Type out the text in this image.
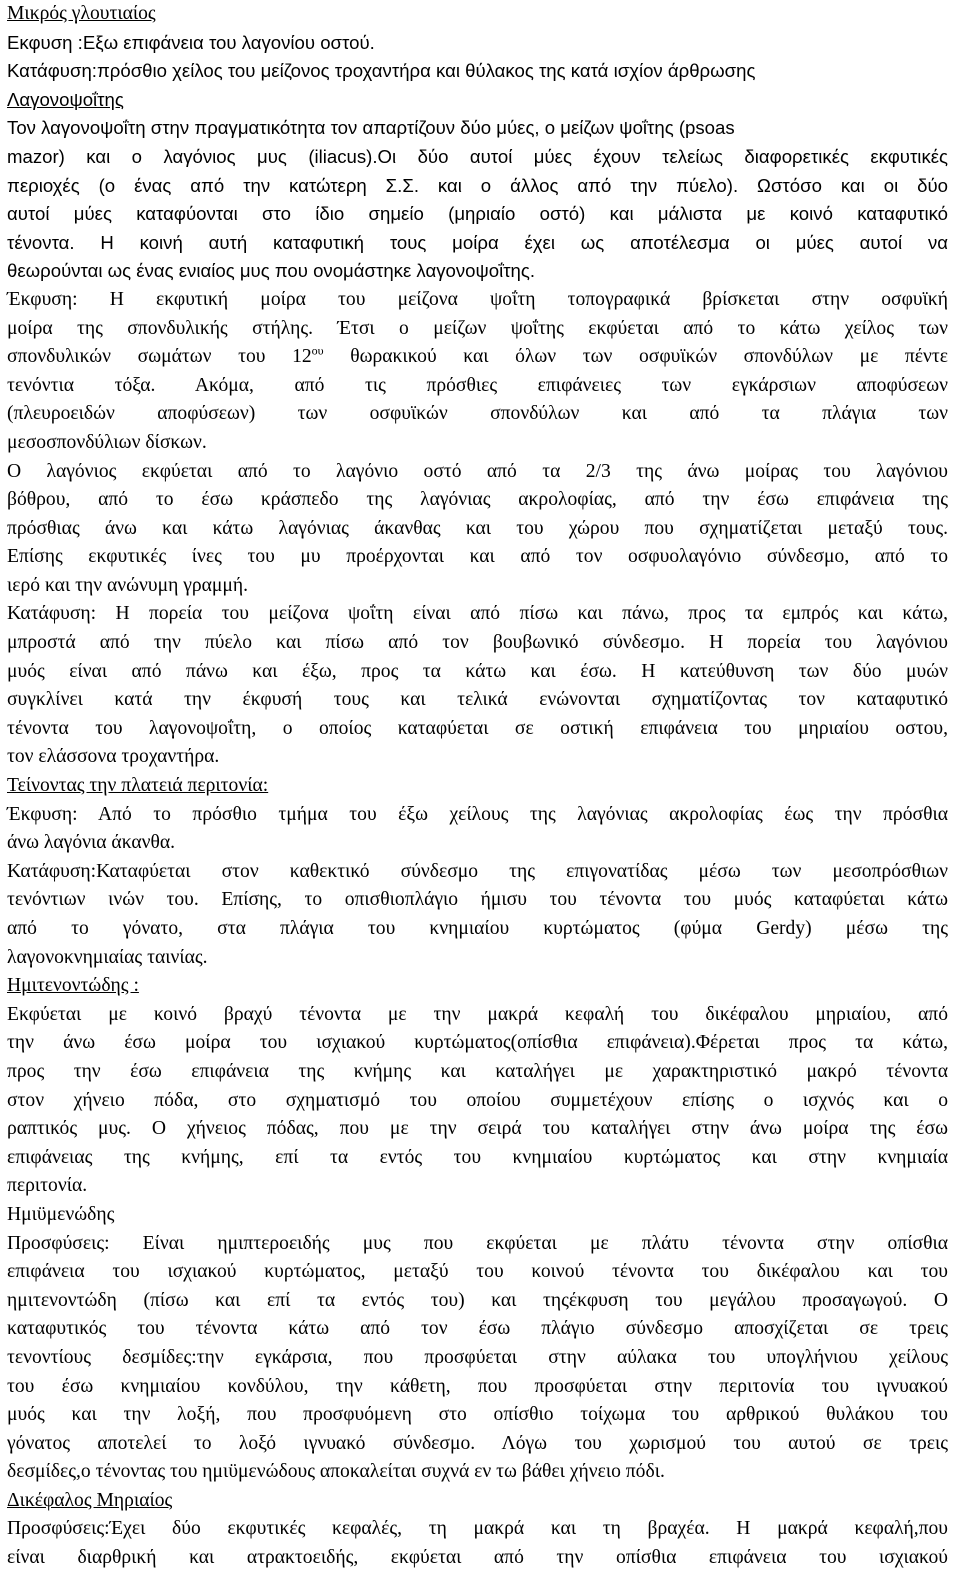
Μικρός γλουτιαίος
Εκφυση :Εξω επιφάνεια του λαγονίου οστού.
Κατάφυση:πρόσθιο χείλος του μείζονος τροχαντήρα και θύλακος της κατά ισχίον άρθρωσης
Λαγονοψοΐτης
Τον λαγονοψοΐτη στην πραγματικότητα τον απαρτίζουν δύο μύες, ο μείζων ψοΐτης (psoas
mazor) και ο λαγόνιος μυς (iliacus).Οι δύο αυτοί μύες έχουν τελείως διαφορετικές εκφυτικές
περιοχές (ο ένας από την κατώτερη Σ.Σ. και ο άλλος από την πύελο). Ωστόσο και οι δύο
αυτοί μύες καταφύονται στο ίδιο σημείο (μηριαίο οστό) και μάλιστα με κοινό καταφυτικό
τένοντα. Η κοινή αυτή καταφυτική τους μοίρα έχει ως αποτέλεσμα οι μύες αυτοί να
θεωρούνται ως ένας ενιαίος μυς που ονομάστηκε λαγονοψοΐτης.
Έκφυση: Η εκφυτική μοίρα του μείζονα ψοΐτη τοπογραφικά βρίσκεται στην οσφυϊκή
μοίρα της σπονδυλικής στήλης. Έτσι ο μείζων ψοΐτης εκφύεται από το κάτω χείλος των
σπονδυλικών σωμάτων του $12^{o\upsilon}$ θωρακικού και όλων των οσφυϊκών σπονδύλων με πέντε
τενόντια τόξα. Ακόμα, από τις πρόσθιες επιφάνειες των εγκάρσιων αποφύσεων
(πλευροειδών αποφύσεων) των οσφυϊκών σπονδύλων και από τα πλάγια των
μεσοσπονδύλιων δίσκων.
Ο λαγόνιος εκφύεται από το λαγόνιο οστό από τα 2/3 της άνω μοίρας του λαγόνιου
βόθρου, από το έσω κράσπεδο της λαγόνιας ακρολοφίας, από την έσω επιφάνεια της
πρόσθιας άνω και κάτω λαγόνιας άκανθας και του χώρου που σχηματίζεται μεταξύ τους.
Επίσης εκφυτικές ίνες του μυ προέρχονται και από τον οσφυολαγόνιο σύνδεσμο, από το
ιερό και την ανώνυμη γραμμή.
Κατάφυση: Η πορεία του μείζονα ψοΐτη είναι από πίσω και πάνω, προς τα εμπρός και κάτω,
μπροστά από την πύελο και πίσω από τον βουβωνικό σύνδεσμο. Η πορεία του λαγόνιου
μυός είναι από πάνω και έξω, προς τα κάτω και έσω. Η κατεύθυνση των δύο μυών
συγκλίνει κατά την έκφυσή τους και τελικά ενώνονται σχηματίζοντας τον καταφυτικό
τένοντα του λαγονοψοΐτη, ο οποίος καταφύεται σε οστική επιφάνεια του μηριαίου οστου,
τον ελάσσονα τροχαντήρα.
Τείνοντας την πλατειά περιτονία:
Έκφυση: Από το πρόσθιο τμήμα του έξω χείλους της λαγόνιας ακρολοφίας έως την πρόσθια
άνω λαγόνια άκανθα.
Κατάφυση:Καταφύεται στον καθεκτικό σύνδεσμο της επιγονατίδας μέσω των μεσοπρόσθιων
τενόντιων ινών του. Επίσης, το οπισθιοπλάγιο ήμισυ του τένοντα του μυός καταφύεται κάτω
από το γόνατο, στα πλάγια του κνημιαίου κυρτώματος (φύμα Gerdy) μέσω της
λαγονοκνημιαίας ταινίας.
Ημιτενοντώδης :
Εκφύεται με κοινό βραχύ τένοντα με την μακρά κεφαλή του δικέφαλου μηριαίου, από
την άνω έσω μοίρα του ισχιακού κυρτώματος(οπίσθια επιφάνεια).Φέρεται προς τα κάτω,
προς την έσω επιφάνεια της κνήμης και καταλήγει με χαρακτηριστικό μακρό τένοντα
στον χήνειο πόδα, στο σχηματισμό του οποίου συμμετέχουν επίσης ο ισχνός και ο
ραπτικός μυς. Ο χήνειος πόδας, που με την σειρά του καταλήγει στην άνω μοίρα της έσω
επιφάνειας της κνήμης, επί τα εντός του κνημιαίου κυρτώματος και στην κνημιαία
περιτονία.
Ημιϋμενώδης
Προσφύσεις: Είναι ημιπτεροειδής μυς που εκφύεται με πλάτυ τένοντα στην οπίσθια
επιφάνεια του ισχιακού κυρτώματος, μεταξύ του κοινού τένοντα του δικέφαλου και του
ημιτενοντώδη (πίσω και επί τα εντός του) και τηςέκφυση του μεγάλου προσαγωγού. Ο
καταφυτικός του τένοντα κάτω από τον έσω πλάγιο σύνδεσμο αποσχίζεται σε τρεις
τενοντίους δεσμίδες:την εγκάρσια, που προσφύεται στην αύλακα του υπογλήνιου χείλους
του έσω κνημιαίου κονδύλου, την κάθετη, που προσφύεται στην περιτονία του ιγνυακού
μυός και την λοξή, που προσφυόμενη στο οπίσθιο τοίχωμα του αρθρικού θυλάκου του
γόνατος αποτελεί το λοξό ιγνυακό σύνδεσμο. Λόγω του χωρισμού του αυτού σε τρεις
δεσμίδες,ο τένοντας του ημιϋμενώδους αποκαλείται συχνά εν τω βάθει χήνειο πόδι.
Δικέφαλος Μηριαίος
Προσφύσεις:Έχει δύο εκφυτικές κεφαλές, τη μακρά και τη βραχέα. Η μακρά κεφαλή,που
είναι διαρθρική και ατρακτοειδής, εκφύεται από την οπίσθια επιφάνεια του ισχιακού
